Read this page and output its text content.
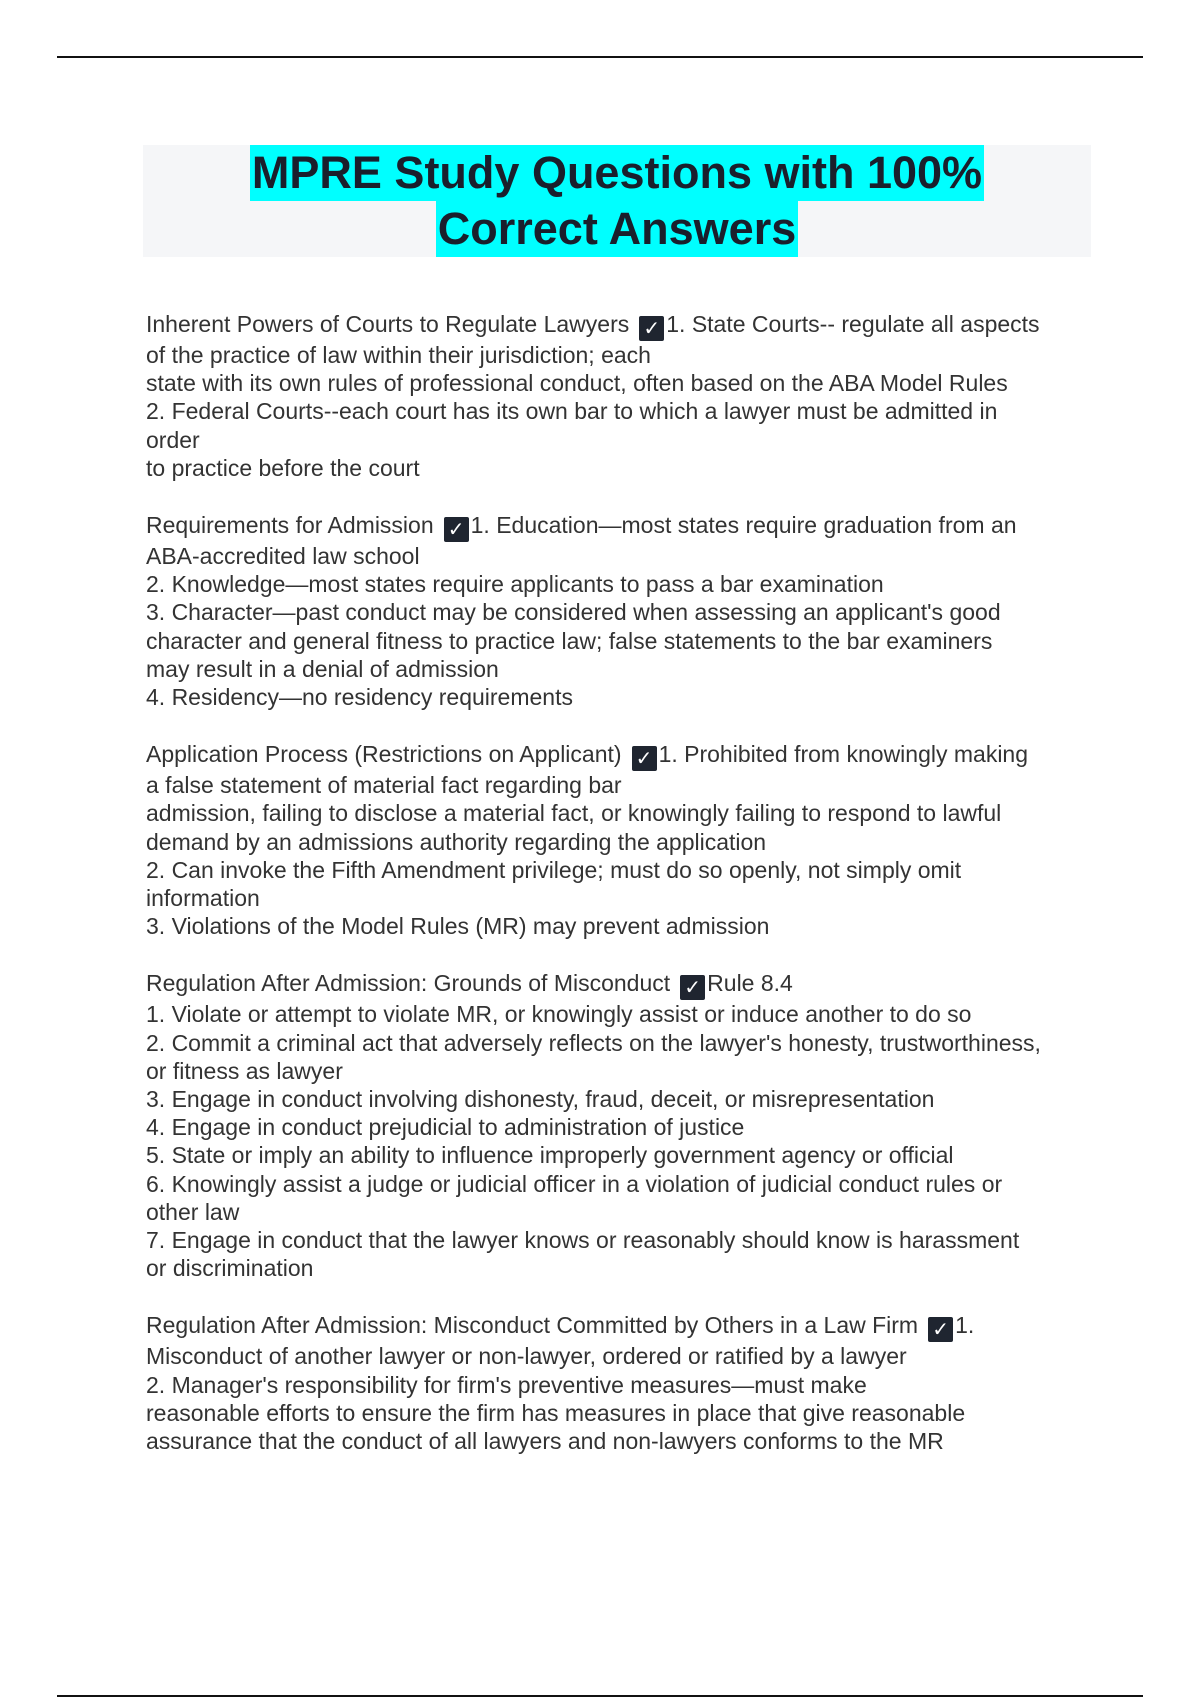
MPRE Study Questions with 100%
Correct Answers
Inherent Powers of Courts to Regulate Lawyers ✓ 1. State Courts-- regulate all aspects
of the practice of law within their jurisdiction; each
state with its own rules of professional conduct, often based on the ABA Model Rules
2. Federal Courts--each court has its own bar to which a lawyer must be admitted in
order
to practice before the court
Requirements for Admission ✓ 1. Education—most states require graduation from an
ABA-accredited law school
2. Knowledge—most states require applicants to pass a bar examination
3. Character—past conduct may be considered when assessing an applicant's good
character and general fitness to practice law; false statements to the bar examiners
may result in a denial of admission
4. Residency—no residency requirements
Application Process (Restrictions on Applicant) ✓ 1. Prohibited from knowingly making
a false statement of material fact regarding bar
admission, failing to disclose a material fact, or knowingly failing to respond to lawful
demand by an admissions authority regarding the application
2. Can invoke the Fifth Amendment privilege; must do so openly, not simply omit
information
3. Violations of the Model Rules (MR) may prevent admission
Regulation After Admission: Grounds of Misconduct ✓ Rule 8.4
1. Violate or attempt to violate MR, or knowingly assist or induce another to do so
2. Commit a criminal act that adversely reflects on the lawyer's honesty, trustworthiness,
or fitness as lawyer
3. Engage in conduct involving dishonesty, fraud, deceit, or misrepresentation
4. Engage in conduct prejudicial to administration of justice
5. State or imply an ability to influence improperly government agency or official
6. Knowingly assist a judge or judicial officer in a violation of judicial conduct rules or
other law
7. Engage in conduct that the lawyer knows or reasonably should know is harassment
or discrimination
Regulation After Admission: Misconduct Committed by Others in a Law Firm ✓ 1.
Misconduct of another lawyer or non-lawyer, ordered or ratified by a lawyer
2. Manager's responsibility for firm's preventive measures—must make
reasonable efforts to ensure the firm has measures in place that give reasonable
assurance that the conduct of all lawyers and non-lawyers conforms to the MR
